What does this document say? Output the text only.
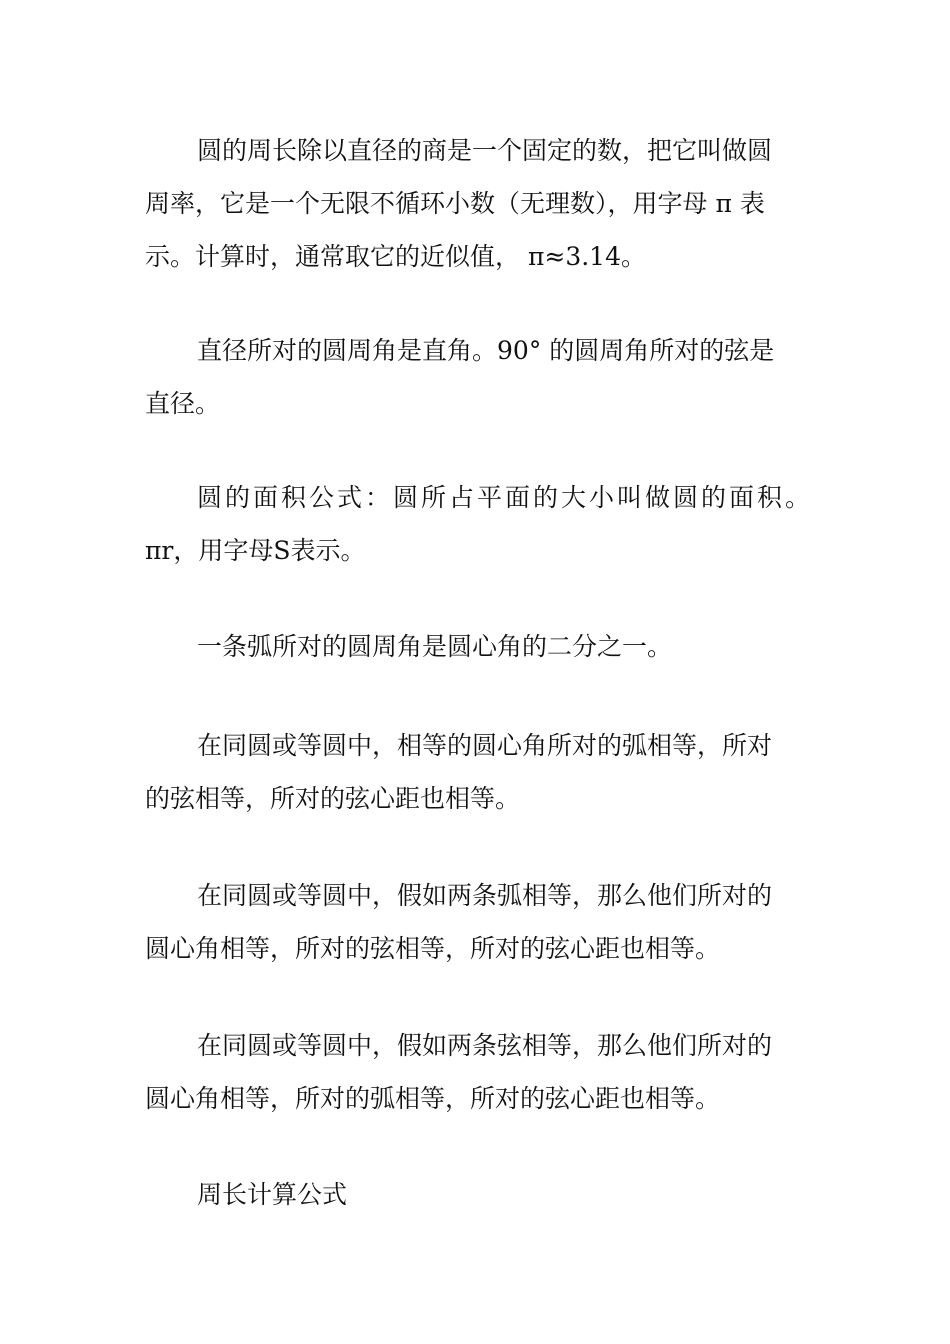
圆的周长除以直径的商是一个固定的数，把它叫做圆
周率，它是一个无限不循环小数（无理数），用字母 π 表
示。计算时，通常取它的近似值， π≈3.14。
直径所对的圆周角是直角。90° 的圆周角所对的弦是
直径。
圆的面积公式：圆所占平面的大小叫做圆的面积。
πr，用字母S表示。
一条弧所对的圆周角是圆心角的二分之一。
在同圆或等圆中，相等的圆心角所对的弧相等，所对
的弦相等，所对的弦心距也相等。
在同圆或等圆中，假如两条弧相等，那么他们所对的
圆心角相等，所对的弦相等，所对的弦心距也相等。
在同圆或等圆中，假如两条弦相等，那么他们所对的
圆心角相等，所对的弧相等，所对的弦心距也相等。
周长计算公式
